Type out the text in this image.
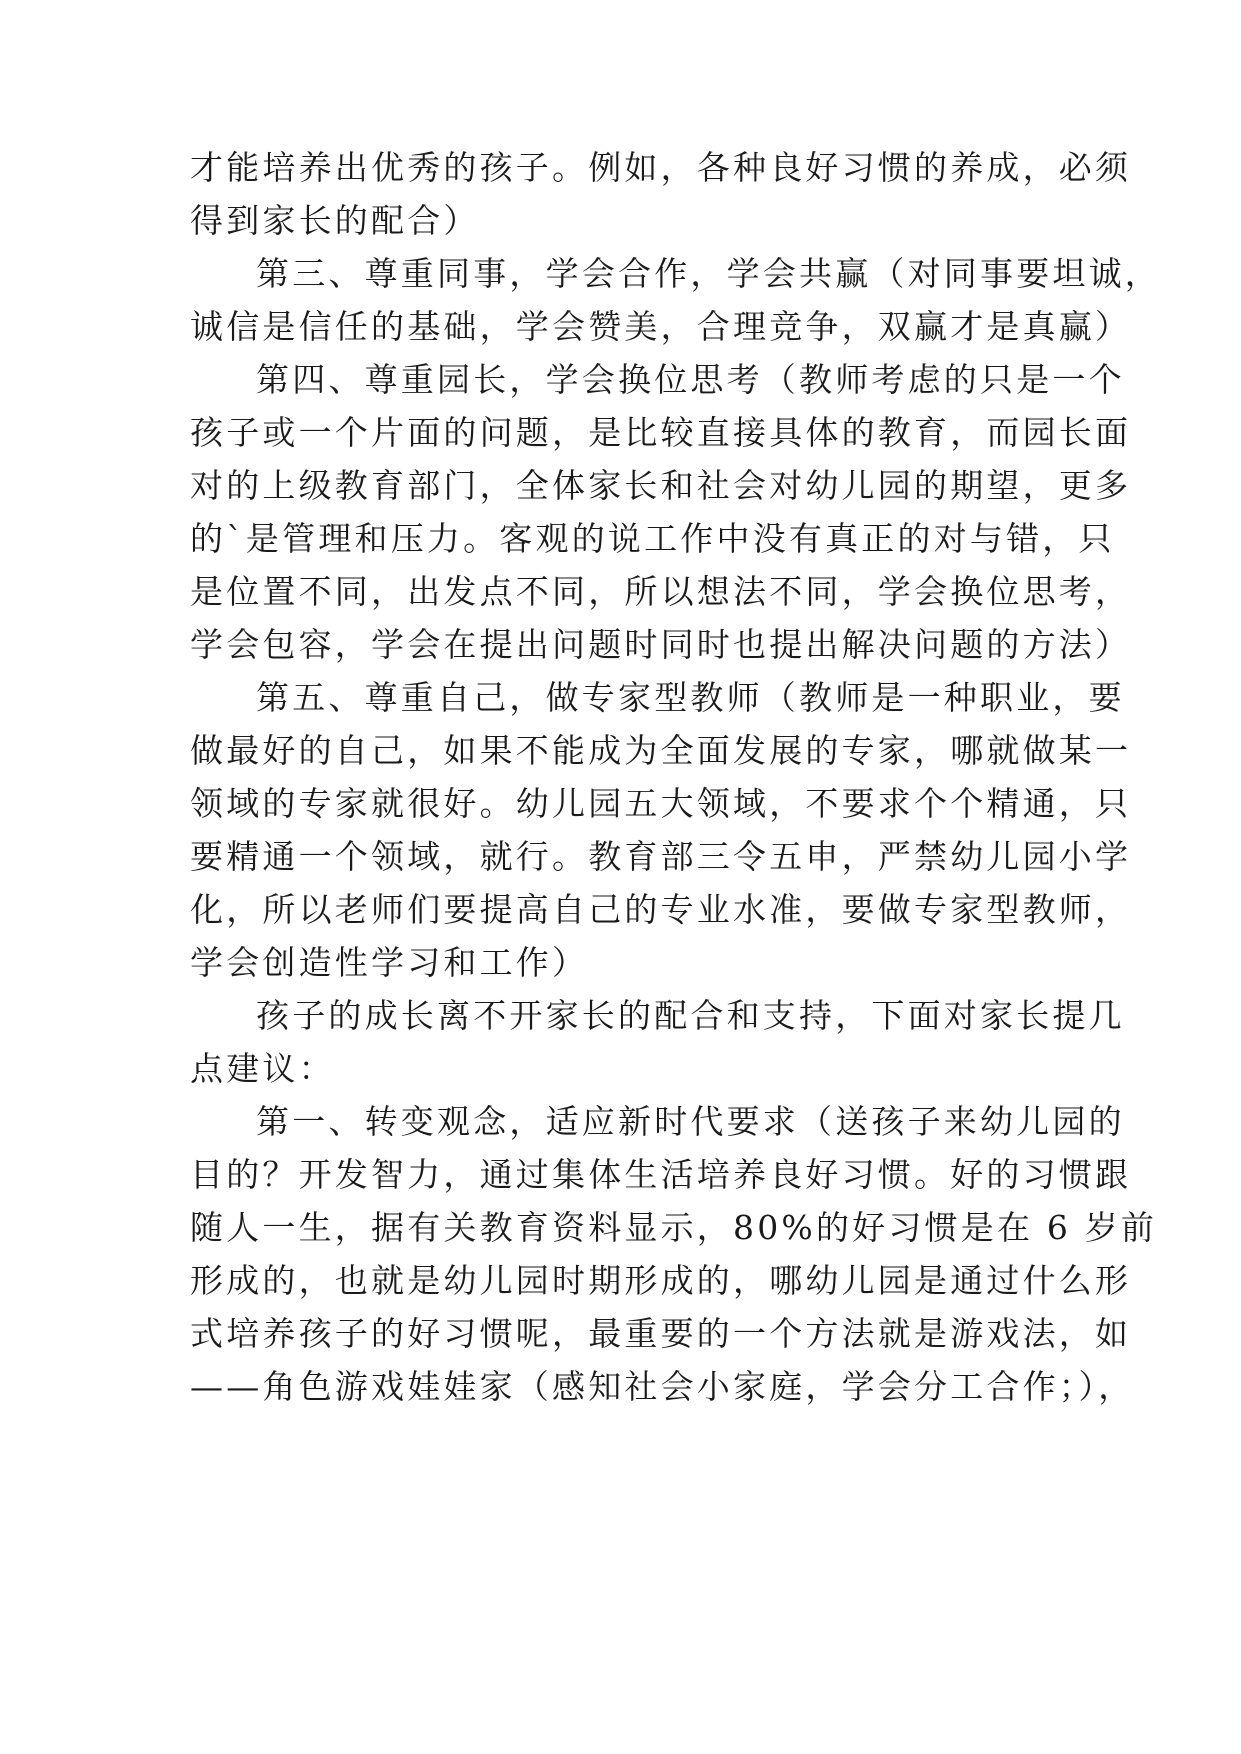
才能培养出优秀的孩子。例如，各种良好习惯的养成，必须
得到家长的配合）
第三、尊重同事，学会合作，学会共赢（对同事要坦诚，
诚信是信任的基础，学会赞美，合理竞争，双赢才是真赢）
第四、尊重园长，学会换位思考（教师考虑的只是一个
孩子或一个片面的问题，是比较直接具体的教育，而园长面
对的上级教育部门，全体家长和社会对幼儿园的期望，更多
的`是管理和压力。客观的说工作中没有真正的对与错，只
是位置不同，出发点不同，所以想法不同，学会换位思考，
学会包容，学会在提出问题时同时也提出解决问题的方法）
第五、尊重自己，做专家型教师（教师是一种职业，要
做最好的自己，如果不能成为全面发展的专家，哪就做某一
领域的专家就很好。幼儿园五大领域，不要求个个精通，只
要精通一个领域，就行。教育部三令五申，严禁幼儿园小学
化，所以老师们要提高自己的专业水准，要做专家型教师，
学会创造性学习和工作）
孩子的成长离不开家长的配合和支持，下面对家长提几
点建议：
第一、转变观念，适应新时代要求（送孩子来幼儿园的
目的？开发智力，通过集体生活培养良好习惯。好的习惯跟
随人一生，据有关教育资料显示，80%的好习惯是在 6 岁前
形成的，也就是幼儿园时期形成的，哪幼儿园是通过什么形
式培养孩子的好习惯呢，最重要的一个方法就是游戏法，如
——角色游戏娃娃家（感知社会小家庭，学会分工合作；），
